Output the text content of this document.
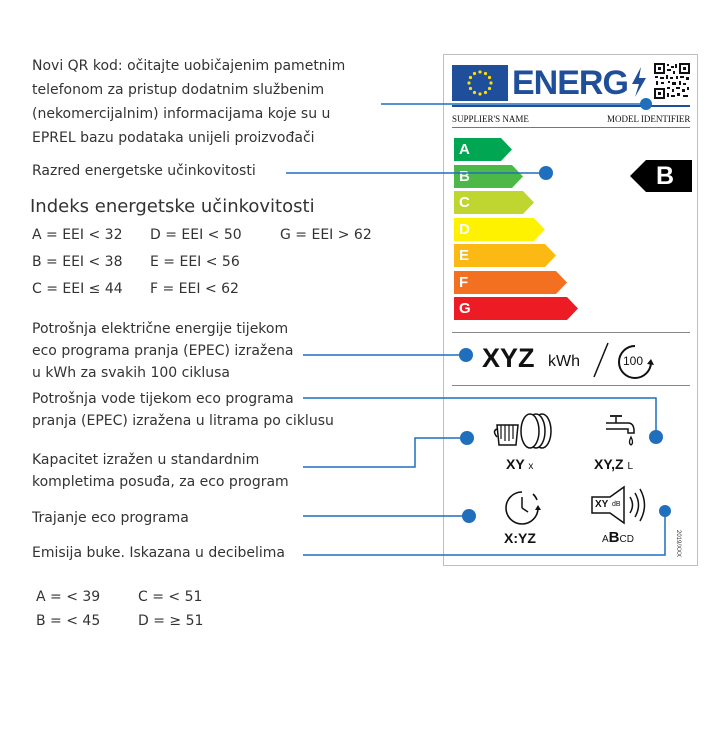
Novi QR kod: očitajte uobičajenim pametnim
telefonom za pristup dodatnim službenim
(nekomercijalnim) informacijama koje su u
EPREL bazu podataka unijeli proizvođači
Razred energetske učinkovitosti
Indeks energetske učinkovitosti
A = EEI < 32 D = EEI < 50	G = EEI > 62
B = EEI < 38 E = EEI < 56
C = EEI ≤ 44 F = EEI < 62
Potrošnja električne energije tijekom
eco programa pranja (EPEC) izražena
u kWh za svakih 100 ciklusa
Potrošnja vode tijekom eco programa
pranja (EPEC) izražena u litrama po ciklusu
Kapacitet izražen u standardnim
kompletima posuđa, za eco program
Trajanje eco programa
Emisija buke. Iskazana u decibelima
A = < 39	C = < 51
B = < 45	D = ≥ 51
ENERG
SUPPLIER'S NAME	MODEL IDENTIFIER
A
B
C
D
E
F
G
B
XYZ kWh	100
XY x	XY,Z L
X:YZ
XY dB
ABCD	2019/XXX
